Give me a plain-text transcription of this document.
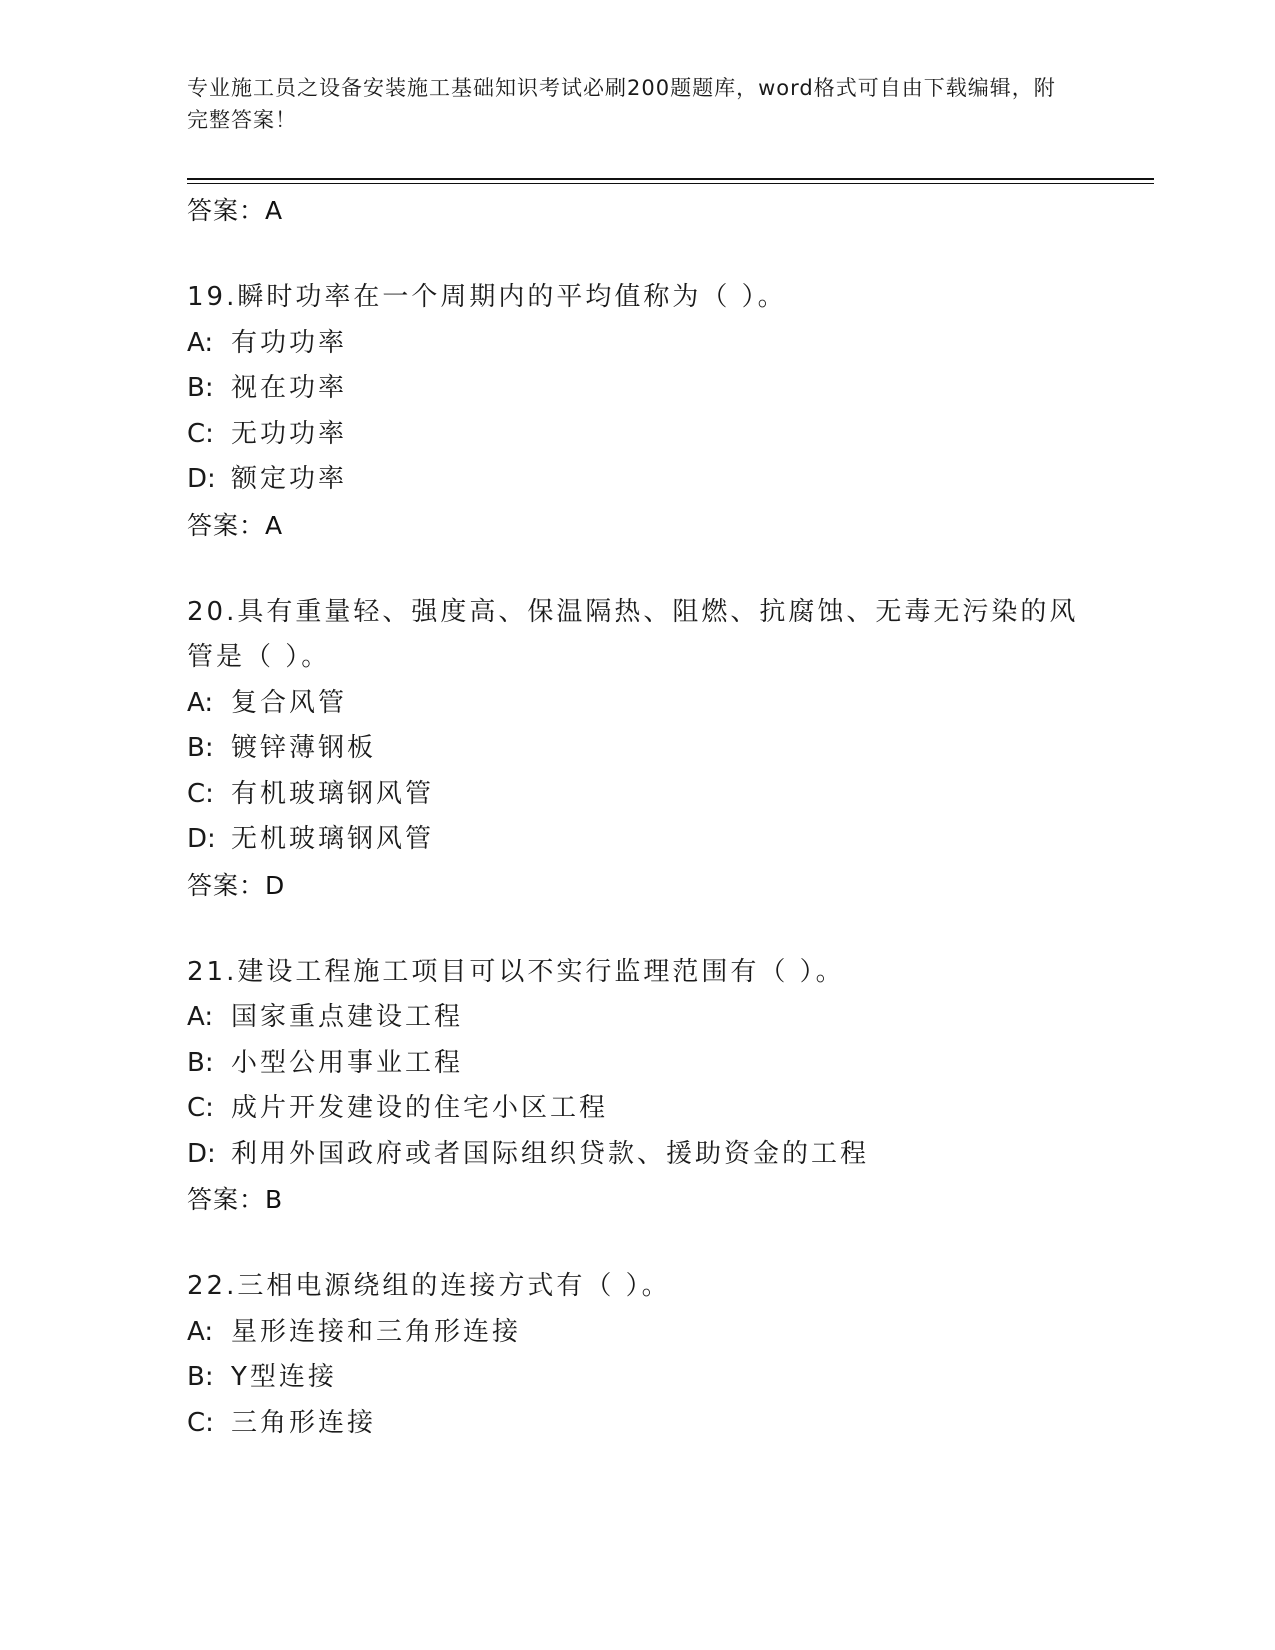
专业施工员之设备安装施工基础知识考试必刷200题题库，word格式可自由下载编辑，附完整答案！
答案：A
19.瞬时功率在一个周期内的平均值称为（ ）。
A: 有功功率
B: 视在功率
C: 无功功率
D: 额定功率
答案：A
20.具有重量轻、强度高、保温隔热、阻燃、抗腐蚀、无毒无污染的风管是（ ）。
A: 复合风管
B: 镀锌薄钢板
C: 有机玻璃钢风管
D: 无机玻璃钢风管
答案：D
21.建设工程施工项目可以不实行监理范围有（ ）。
A: 国家重点建设工程
B: 小型公用事业工程
C: 成片开发建设的住宅小区工程
D: 利用外国政府或者国际组织贷款、援助资金的工程
答案：B
22.三相电源绕组的连接方式有（ ）。
A: 星形连接和三角形连接
B: Y型连接
C: 三角形连接
